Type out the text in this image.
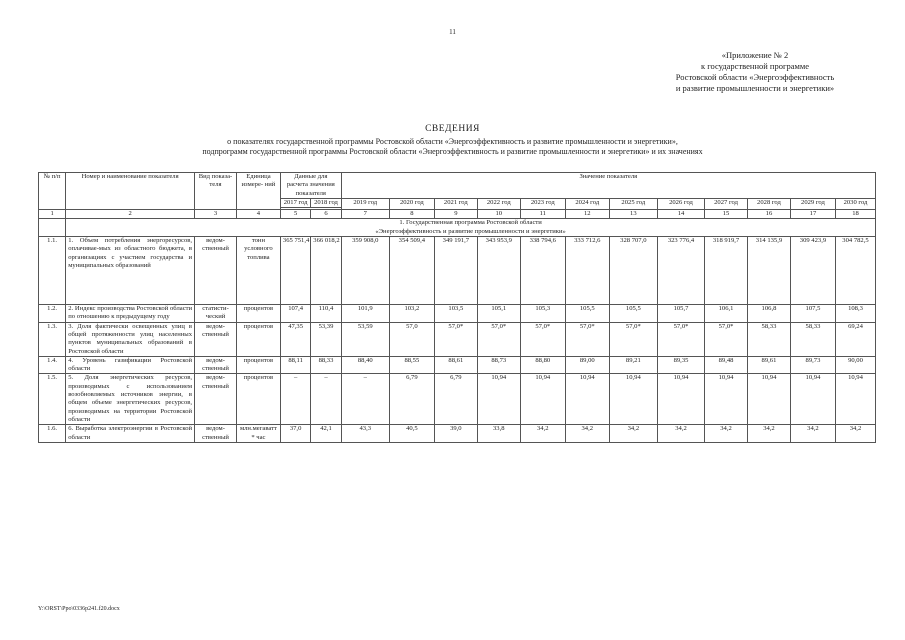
11
«Приложение № 2
к государственной программе
Ростовской области «Энергоэффективность
и развитие промышленности и энергетики»
СВЕДЕНИЯ
о показателях государственной программы Ростовской области «Энергоэффективность и развитие промышленности и энергетики»,
подпрограмм государственной программы Ростовской области «Энергоэффективность и развитие промышленности и энергетики» и их значениях
№ п/п	Номер и наименование показателя	Вид показа- теля	Единица измере- ний	Данные для расчета значения показателя		Значение показателя											
				2017 год	2018 год	2019 год	2020 год	2021 год	2022 год	2023 год	2024 год	2025 год	2026 год	2027 год	2028 год	2029 год	2030 год

1	2	3	4	5	6	7	8	9	10	11	12	13	14	15	16	17	18

	1. Государственная программа Ростовской области
«Энергоэффективность и развитие промышленности и энергетики»																

1.1.	1. Объем потребления энергоресурсов, оплачивае-мых из областного бюджета, в организациях с участием государства и муниципальных образований	ведом-ственный	тонн условного топлива	365 751,4	366 018,2	359 908,0	354 509,4	349 191,7	343 953,9	338 794,6	333 712,6	328 707,0	323 776,4	318 919,7	314 135,9	309 423,9	304 782,5
1.2.	2. Индекс производства Ростовской области по отношению к предыдущему году	статисти-ческий	процентов	107,4	110,4	101,9	103,2	103,5	105,1	105,3	105,5	105,5	105,7	106,1	106,8	107,5	108,3
1.3.	3. Доля фактически освещенных улиц в общей протяженности улиц населенных пунктов муниципальных образований в Ростовской области	ведом-ственный	процентов	47,35	53,39	53,59	57,0	57,0*	57,0*	57,0*	57,0*	57,0*	57,0*	57,0*	58,33	58,33	69,24
1.4.	4. Уровень газификации Ростовской области	ведом-ственный	процентов	88,11	88,33	88,40	88,55	88,61	88,73	88,80	89,00	89,21	89,35	89,48	89,61	89,73	90,00
1.5.	5. Доля энергетических ресурсов, производимых с использованием возобновляемых источников энергии, в общем объеме энергетических ресурсов, производимых на территории Ростовской области	ведом-ственный	процентов	–	–	–	6,79	6,79	10,94	10,94	10,94	10,94	10,94	10,94	10,94	10,94	10,94
1.6.	6. Выработка электроэнергии в Ростовской области	ведом-ственный	млн.мегаватт * час	37,0	42,1	43,3	40,5	39,0	33,8	34,2	34,2	34,2	34,2	34,2	34,2	34,2	34,2
Y:\ORST\Ppo\0336p241.f20.docx
